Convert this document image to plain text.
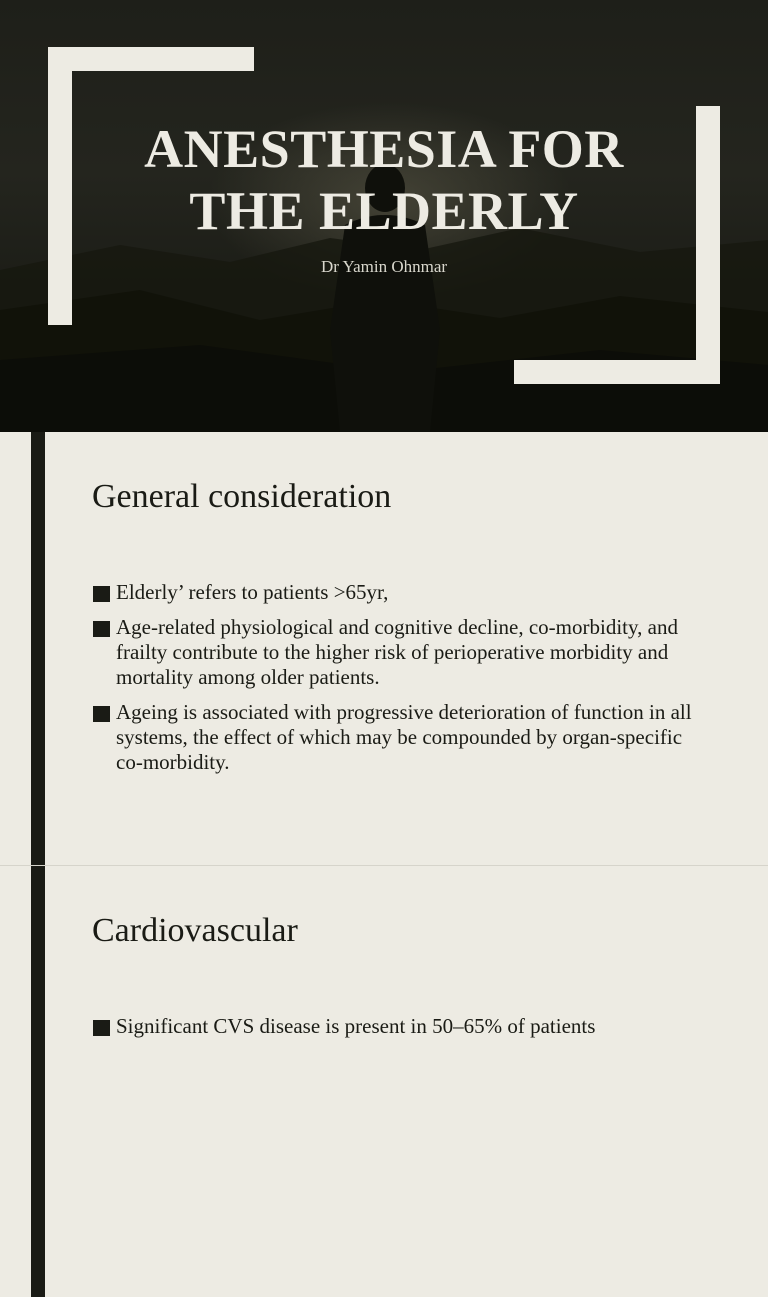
ANESTHESIA FOR THE ELDERLY
Dr Yamin Ohnmar
General consideration
Elderly’ refers to patients >65yr,
Age-related physiological and cognitive decline, co-morbidity, and frailty contribute to the higher risk of perioperative morbidity and mortality among older patients.
Ageing is associated with progressive deterioration of function in all systems, the effect of which may be compounded by organ-specific co-morbidity.
Cardiovascular
Significant CVS disease is present in 50–65% of patients
